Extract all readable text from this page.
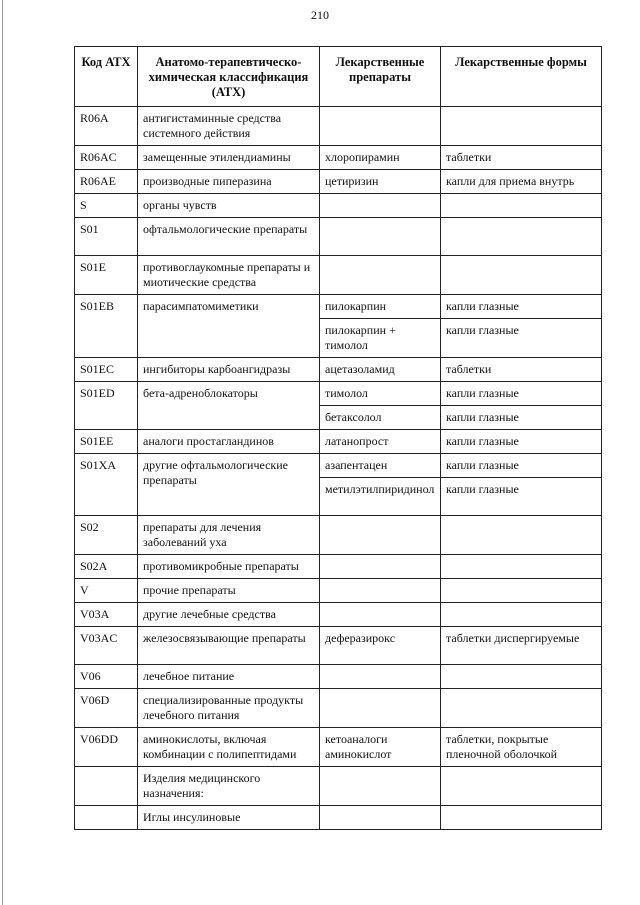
210
Код АТХ	Анатомо-терапевтическо-химическая классификация (АТХ)	Лекарственные препараты	Лекарственные формы
R06A	антигистаминные средства системного действия		
R06AC	замещенные этилендиамины	хлоропирамин	таблетки
R06AE	производные пиперазина	цетиризин	капли для приема внутрь
S	органы чувств		
S01	офтальмологические препараты		
S01E	противоглаукомные препараты и миотические средства		
S01EB	парасимпатомиметики	пилокарпин	капли глазные
		пилокарпин + тимолол	капли глазные
S01EC	ингибиторы карбоангидразы	ацетазоламид	таблетки
S01ED	бета-адреноблокаторы	тимолол	капли глазные
		бетаксолол	капли глазные
S01EE	аналоги простагландинов	латанопрост	капли глазные
S01XA	другие офтальмологические препараты	азапентацен	капли глазные
		метилэтилпиридинол	капли глазные
S02	препараты для лечения заболеваний уха		
S02A	противомикробные препараты		
V	прочие препараты		
V03A	другие лечебные средства		
V03AC	железосвязывающие препараты	деферазирокс	таблетки диспергируемые
V06	лечебное питание		
V06D	специализированные продукты лечебного питания		
V06DD	аминокислоты, включая комбинации с полипептидами	кетоаналоги аминокислот	таблетки, покрытые пленочной оболочкой
	Изделия медицинского назначения:		
	Иглы инсулиновые		
